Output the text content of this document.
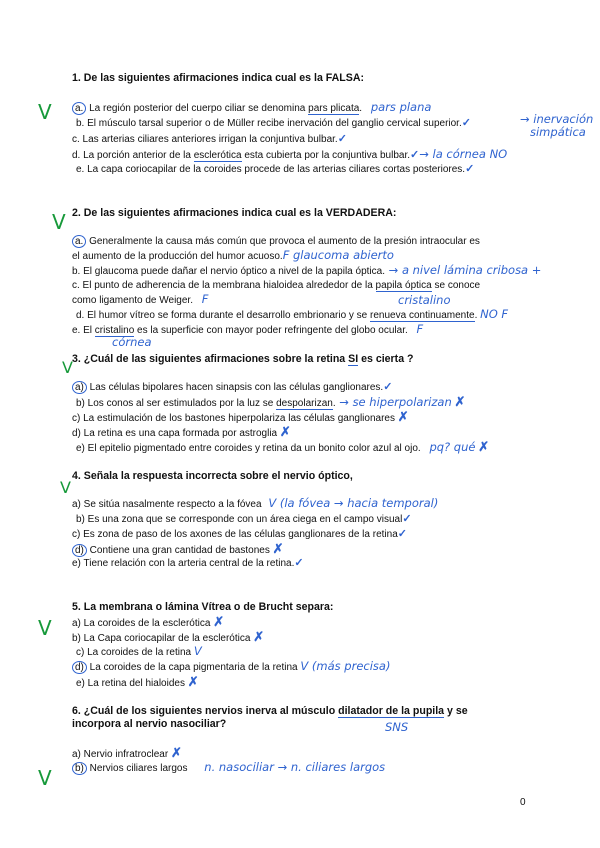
1. De las siguientes afirmaciones indica cual es la FALSA:
V	a. La región posterior del cuerpo ciliar se denomina pars plicata. pars plana
b. El músculo tarsal superior o de Müller recibe inervación del ganglio cervical superior.✓	→ inervación
simpática
c. Las arterias ciliares anteriores irrigan la conjuntiva bulbar.✓
d. La porción anterior de la esclerótica esta cubierta por la conjuntiva bulbar.✓→ la córnea NO
e. La capa coriocapilar de la coroides procede de las arterias ciliares cortas posteriores.✓
2. De las siguientes afirmaciones indica cual es la VERDADERA:
V
a. Generalmente la causa más común que provoca el aumento de la presión intraocular es
el aumento de la producción del humor acuoso.F glaucoma abierto
b. El glaucoma puede dañar el nervio óptico a nivel de la papila óptica. → a nivel lámina cribosa +
c. El punto de adherencia de la membrana hialoidea alrededor de la papila óptica se conoce
como ligamento de Weiger. F	cristalino
d. El humor vítreo se forma durante el desarrollo embrionario y se renueva continuamente. NO F
e. El cristalino es la superficie con mayor poder refringente del globo ocular. F
córnea
3. ¿Cuál de las siguientes afirmaciones sobre la retina SI es cierta ?
V
a) Las células bipolares hacen sinapsis con las células ganglionares.✓
b) Los conos al ser estimulados por la luz se despolarizan. → se hiperpolarizan ✗
c) La estimulación de los bastones hiperpolariza las células ganglionares ✗
d) La retina es una capa formada por astroglia ✗
e) El epitelio pigmentado entre coroides y retina da un bonito color azul al ojo. pq? qué ✗
4. Señala la respuesta incorrecta sobre el nervio óptico,
V
a) Se sitúa nasalmente respecto a la fóvea V (la fóvea → hacia temporal)
b) Es una zona que se corresponde con un área ciega en el campo visual✓
c) Es zona de paso de los axones de las células ganglionares de la retina✓
d) Contiene una gran cantidad de bastones ✗
e) Tiene relación con la arteria central de la retina.✓
5. La membrana o lámina Vítrea o de Brucht separa:
V a) La coroides de la esclerótica ✗
b) La Capa coriocapilar de la esclerótica ✗
c) La coroides de la retina V
d) La coroides de la capa pigmentaria de la retina V (más precisa)
e) La retina del hialoides ✗
6. ¿Cuál de los siguientes nervios inerva al músculo dilatador de la pupila y se
incorpora al nervio nasociliar?	SNS
a) Nervio infratroclear ✗
b) Nervios ciliares largos n. nasociliar → n. ciliares largos
V
0
